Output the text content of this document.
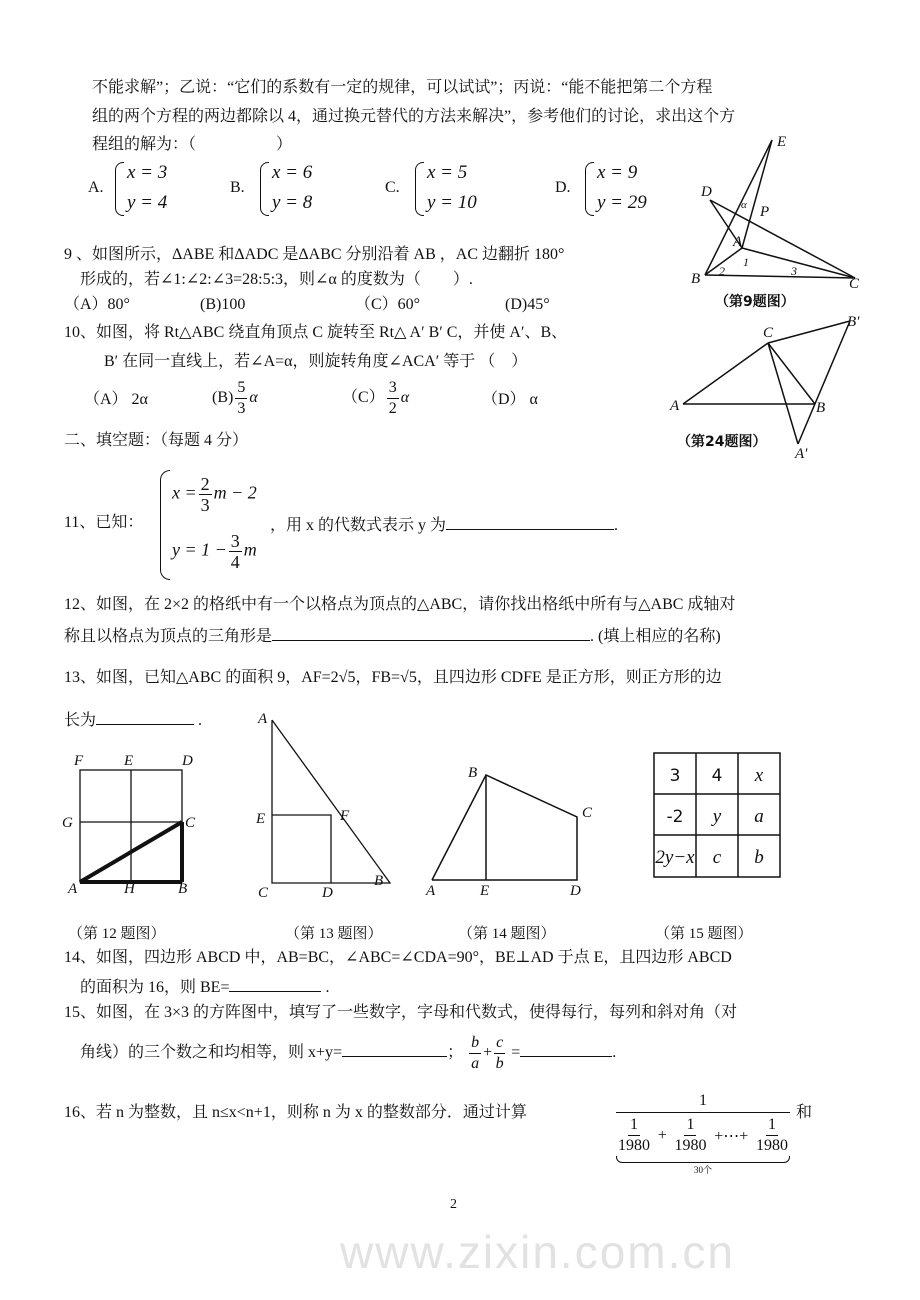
www.zixin.com.cn
不能求解”；乙说：“它们的系数有一定的规律，可以试试”；丙说：“能不能把第二个方程
组的两个方程的两边都除以 4，通过换元替代的方法来解决”，参考他们的讨论，求出这个方
程组的解为：（　　　　　）
A.
x = 3
y = 4
B.
x = 6
y = 8
C.
x = 5
y = 10
D.
x = 9
y = 29
E
D
α P
A
1
B 2	3
C
（第9题图）
9 、如图所示，ΔABE 和ΔADC 是ΔABC 分别沿着 AB ，AC 边翻折 180°
形成的，若∠1:∠2:∠3=28:5:3，则∠α 的度数为（　　）.
（A）80°	(B)100	（C）60°	(D)45°
10、如图，将 Rt△ABC 绕直角顶点 C 旋转至 Rt△ A′ B′ C，并使 A′、B、
B′ 在同一直线上，若∠A=α，则旋转角度∠ACA′ 等于 （　）
（A） 2α	$(B) \frac{5}{3}$ α	$(C) \frac{3}{2}$ α	（D） α
C
B′
A	B
A′
（第24题图）
二、填空题：（每题 4 分）
11、已知：
$x = \frac{2}{3}$ m − 2
$y = 1 - \frac{3}{4}$ m
，用 x 的代数式表示 y 为	.
12、如图，在 2×2 的格纸中有一个以格点为顶点的△ABC，请你找出格纸中所有与△ABC 成轴对
称且以格点为顶点的三角形是	. (填上相应的名称)
13、如图，已知△ABC 的面积 9，AF=2√5，FB=√5，且四边形 CDFE 是正方形，则正方形的边
长为	.
F	E	D
G	C
A	H	B
A
E	F
C	D
B
B
C
A	E	D
3 4 x
-2 y a
2y−x c b
（第 12 题图）	（第 13 题图）	（第 14 题图）	（第 15 题图）
14、如图，四边形 ABCD 中，AB=BC，∠ABC=∠CDA=90°，BE⊥AD 于点 E，且四边形 ABCD
的面积为 16，则 BE=	.
15、如图，在 3×3 的方阵图中，填写了一些数字，字母和代数式，使得每行，每列和斜对角（对
角线）的三个数之和均相等，则 x+y=	； $\frac{b}{a} + \frac{c}{b}$ =	.
16、若 n 为整数，且 n≤x<n+1，则称 n 为 x 的整数部分．通过计算
1
$\frac{1}{1980} + \frac{1}{1980}$ +⋯+ $\frac{1}{1980}$
30个
和
2
